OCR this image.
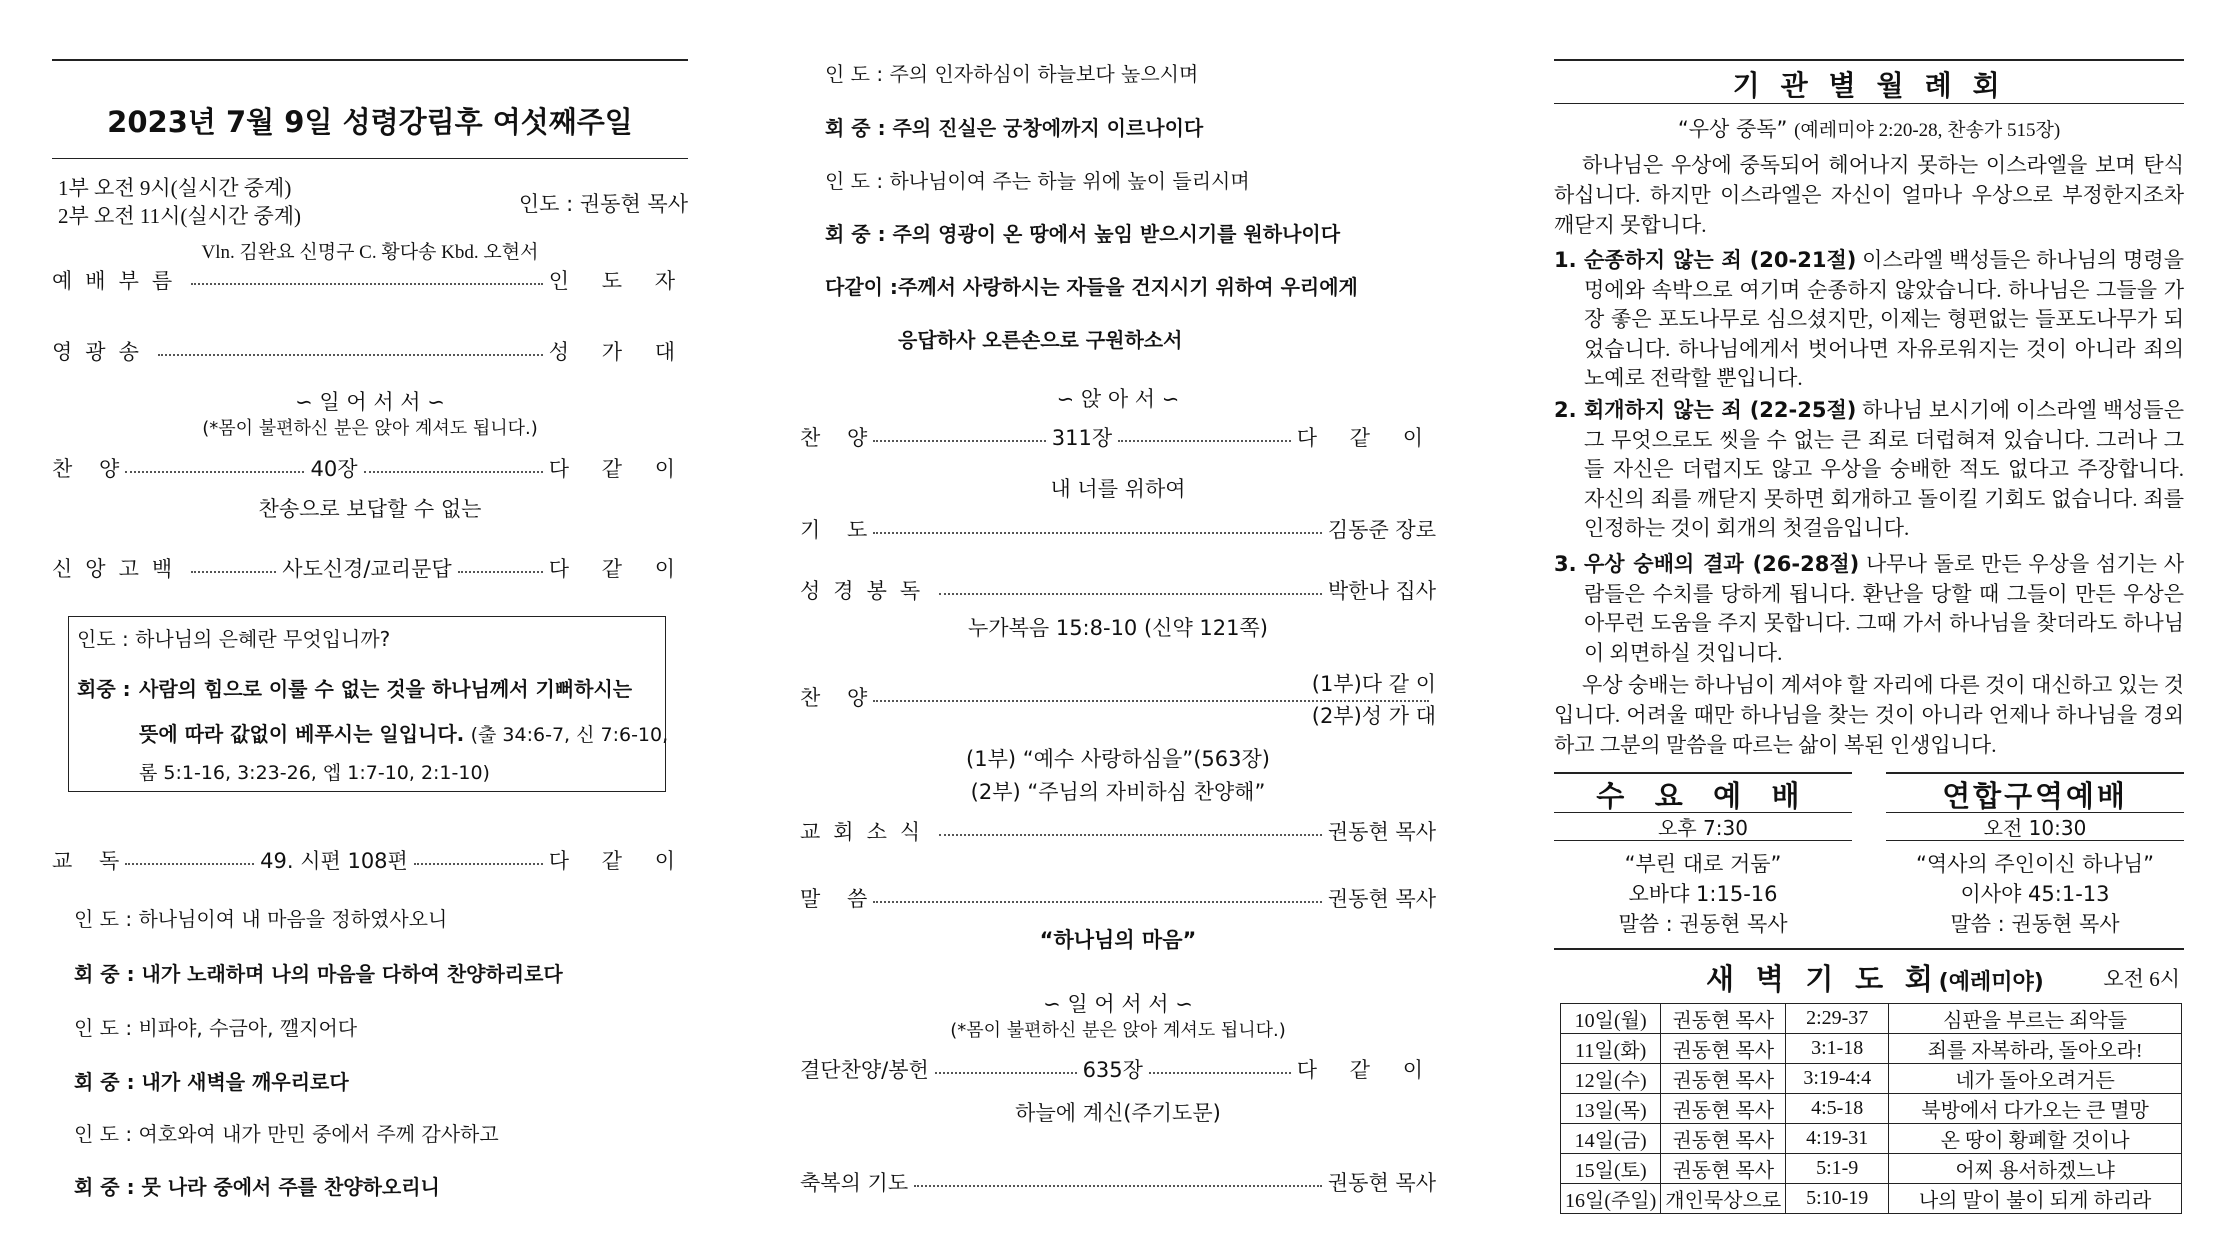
2023년 7월 9일 성령강림후 여섯째주일
1부 오전 9시(실시간 중계)
2부 오전 11시(실시간 중계)	인도 : 권동현 목사
Vln. 김완요 신명구 C. 황다송 Kbd. 오현서
예배부름	인 도 자
영광송	성 가 대
∽ 일 어 서 서 ∽
(*몸이 불편하신 분은 앉아 계셔도 됩니다.)
찬    양	40장	다 같 이
찬송으로 보답할 수 없는
신앙고백	사도신경/교리문답	다 같 이
인도 : 하나님의 은혜란 무엇입니까?
회중 : 사람의 힘으로 이룰 수 없는 것을 하나님께서 기뻐하시는
뜻에 따라 값없이 베푸시는 일입니다. (출 34:6-7, 신 7:6-10,
롬 5:1-16, 3:23-26, 엡 1:7-10, 2:1-10)
교    독	49. 시편 108편	다 같 이
인 도 : 하나님이여 내 마음을 정하였사오니
회 중 : 내가 노래하며 나의 마음을 다하여 찬양하리로다
인 도 : 비파야, 수금아, 깰지어다
회 중 : 내가 새벽을 깨우리로다
인 도 : 여호와여 내가 만민 중에서 주께 감사하고
회 중 : 뭇 나라 중에서 주를 찬양하오리니
인 도 : 주의 인자하심이 하늘보다 높으시며
회 중 : 주의 진실은 궁창에까지 이르나이다
인 도 : 하나님이여 주는 하늘 위에 높이 들리시며
회 중 : 주의 영광이 온 땅에서 높임 받으시기를 원하나이다
다같이 : 주께서 사랑하시는 자들을 건지시기 위하여 우리에게
응답하사 오른손으로 구원하소서
∽ 앉 아 서 ∽
찬    양	311장	다 같 이
내 너를 위하여
기    도	김동준 장로
성경봉독	박한나 집사
누가복음 15:8-10 (신약 121쪽)
찬    양
(1부)다 같 이
(2부)성 가 대
(1부) “예수 사랑하심을”(563장)
(2부) “주님의 자비하심 찬양해”
교회소식	권동현 목사
말    씀	권동현 목사
“하나님의 마음”
∽ 일 어 서 서 ∽
(*몸이 불편하신 분은 앉아 계셔도 됩니다.)
결단찬양/봉헌	635장	다 같 이
하늘에 계신(주기도문)
축복의 기도	권동현 목사
기 관 별 월 례 회
“우상 중독” (예레미야 2:20-28, 찬송가 515장)
하나님은 우상에 중독되어 헤어나지 못하는 이스라엘을 보며 탄식하십니다. 하지만 이스라엘은 자신이 얼마나 우상으로 부정한지조차 깨닫지 못합니다.
1. 순종하지 않는 죄 (20-21절) 이스라엘 백성들은 하나님의 명령을 멍에와 속박으로 여기며 순종하지 않았습니다. 하나님은 그들을 가장 좋은 포도나무로 심으셨지만, 이제는 형편없는 들포도나무가 되었습니다. 하나님에게서 벗어나면 자유로워지는 것이 아니라 죄의 노예로 전락할 뿐입니다.
2. 회개하지 않는 죄 (22-25절) 하나님 보시기에 이스라엘 백성들은 그 무엇으로도 씻을 수 없는 큰 죄로 더럽혀져 있습니다. 그러나 그들 자신은 더럽지도 않고 우상을 숭배한 적도 없다고 주장합니다. 자신의 죄를 깨닫지 못하면 회개하고 돌이킬 기회도 없습니다. 죄를 인정하는 것이 회개의 첫걸음입니다.
3. 우상 숭배의 결과 (26-28절) 나무나 돌로 만든 우상을 섬기는 사람들은 수치를 당하게 됩니다. 환난을 당할 때 그들이 만든 우상은 아무런 도움을 주지 못합니다. 그때 가서 하나님을 찾더라도 하나님이 외면하실 것입니다.
우상 숭배는 하나님이 계셔야 할 자리에 다른 것이 대신하고 있는 것입니다. 어려울 때만 하나님을 찾는 것이 아니라 언제나 하나님을 경외하고 그분의 말씀을 따르는 삶이 복된 인생입니다.
수 요 예 배
오후 7:30
“부린 대로 거둠”
오바댜 1:15-16
말씀 : 권동현 목사
연합구역예배
오전 10:30
“역사의 주인이신 하나님”
이사야 45:1-13
말씀 : 권동현 목사
새 벽 기 도 회(예레미야)	오전 6시
10일(월)	권동현 목사	2:29-37	심판을 부르는 죄악들
11일(화)	권동현 목사	3:1-18	죄를 자복하라, 돌아오라!
12일(수)	권동현 목사	3:19-4:4	네가 돌아오려거든
13일(목)	권동현 목사	4:5-18	북방에서 다가오는 큰 멸망
14일(금)	권동현 목사	4:19-31	온 땅이 황폐할 것이나
15일(토)	권동현 목사	5:1-9	어찌 용서하겠느냐
16일(주일)	개인묵상으로	5:10-19	나의 말이 불이 되게 하리라
